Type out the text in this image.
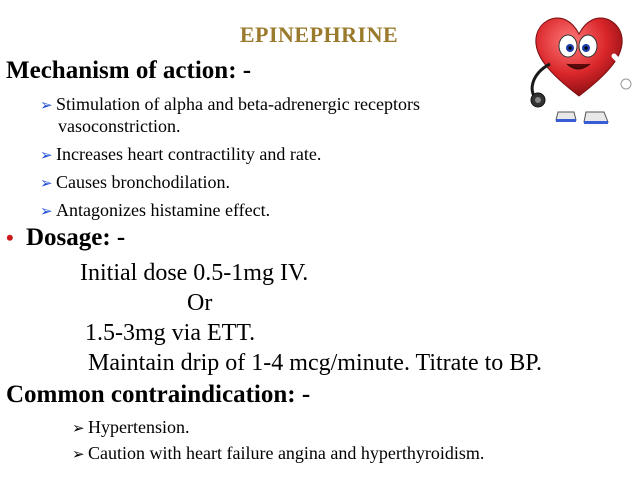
EPINEPHRINE
Mechanism of action: -
➢ Stimulation of alpha and beta-adrenergic receptors
vasoconstriction.
➢ Increases heart contractility and rate.
➢ Causes bronchodilation.
➢ Antagonizes histamine effect.
• Dosage: -
Initial dose 0.5-1mg IV.
Or
1.5-3mg via ETT.
Maintain drip of 1-4 mcg/minute. Titrate to BP.
Common contraindication: -
➢ Hypertension.
➢ Caution with heart failure angina and hyperthyroidism.
